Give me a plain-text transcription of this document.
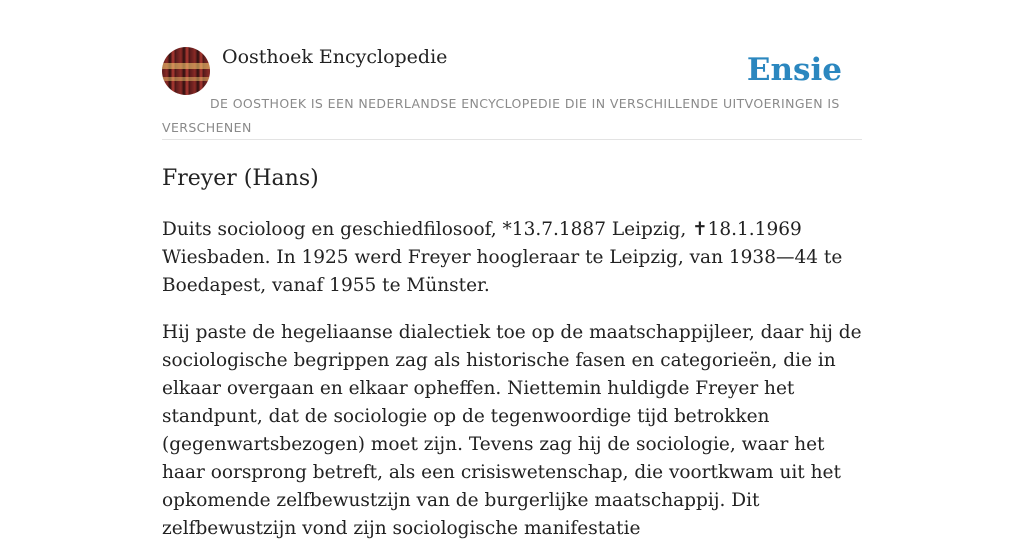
Oosthoek Encyclopedie	Ensie
DE OOSTHOEK IS EEN NEDERLANDSE ENCYCLOPEDIE DIE IN VERSCHILLENDE UITVOERINGEN IS VERSCHENEN
Freyer (Hans)

Duits socioloog en geschiedfilosoof, *13.7.1887 Leipzig, ✝18.1.1969 Wiesbaden. In 1925 werd Freyer hoogleraar te Leipzig, van 1938—44 te Boedapest, vanaf 1955 te Münster.

Hij paste de hegeliaanse dialectiek toe op de maatschappijleer, daar hij de sociologische begrippen zag als historische fasen en categorieën, die in elkaar overgaan en elkaar opheffen. Niettemin huldigde Freyer het standpunt, dat de sociologie op de tegenwoordige tijd betrokken (gegenwartsbezogen) moet zijn. Tevens zag hij de sociologie, waar het haar oorsprong betreft, als een crisiswetenschap, die voortkwam uit het opkomende zelfbewustzijn van de burgerlijke maatschappij. Dit zelfbewustzijn vond zijn sociologische manifestatie
